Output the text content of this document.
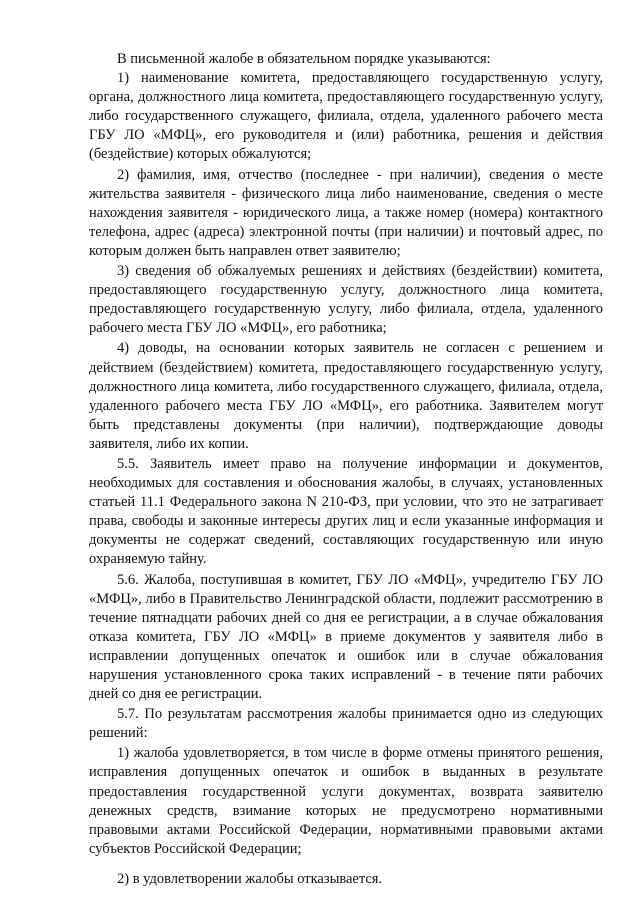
В письменной жалобе в обязательном порядке указываются:

1) наименование комитета, предоставляющего государственную услугу, органа, должностного лица комитета, предоставляющего государственную услугу, либо государственного служащего, филиала, отдела, удаленного рабочего места ГБУ ЛО «МФЦ», его руководителя и (или) работника, решения и действия (бездействие) которых обжалуются;

2) фамилия, имя, отчество (последнее - при наличии), сведения о месте жительства заявителя - физического лица либо наименование, сведения о месте нахождения заявителя - юридического лица, а также номер (номера) контактного телефона, адрес (адреса) электронной почты (при наличии) и почтовый адрес, по которым должен быть направлен ответ заявителю;

3) сведения об обжалуемых решениях и действиях (бездействии) комитета, предоставляющего государственную услугу, должностного лица комитета, предоставляющего государственную услугу, либо филиала, отдела, удаленного рабочего места ГБУ ЛО «МФЦ», его работника;

4) доводы, на основании которых заявитель не согласен с решением и действием (бездействием) комитета, предоставляющего государственную услугу, должностного лица комитета, либо государственного служащего, филиала, отдела, удаленного рабочего места ГБУ ЛО «МФЦ», его работника. Заявителем могут быть представлены документы (при наличии), подтверждающие доводы заявителя, либо их копии.

5.5. Заявитель имеет право на получение информации и документов, необходимых для составления и обоснования жалобы, в случаях, установленных статьей 11.1 Федерального закона N 210-ФЗ, при условии, что это не затрагивает права, свободы и законные интересы других лиц и если указанные информация и документы не содержат сведений, составляющих государственную или иную охраняемую тайну.

5.6. Жалоба, поступившая в комитет, ГБУ ЛО «МФЦ», учредителю ГБУ ЛО «МФЦ», либо в Правительство Ленинградской области, подлежит рассмотрению в течение пятнадцати рабочих дней со дня ее регистрации, а в случае обжалования отказа комитета, ГБУ ЛО «МФЦ» в приеме документов у заявителя либо в исправлении допущенных опечаток и ошибок или в случае обжалования нарушения установленного срока таких исправлений - в течение пяти рабочих дней со дня ее регистрации.

5.7. По результатам рассмотрения жалобы принимается одно из следующих решений:

1) жалоба удовлетворяется, в том числе в форме отмены принятого решения, исправления допущенных опечаток и ошибок в выданных в результате предоставления государственной услуги документах, возврата заявителю денежных средств, взимание которых не предусмотрено нормативными правовыми актами Российской Федерации, нормативными правовыми актами субъектов Российской Федерации;

2) в удовлетворении жалобы отказывается.
